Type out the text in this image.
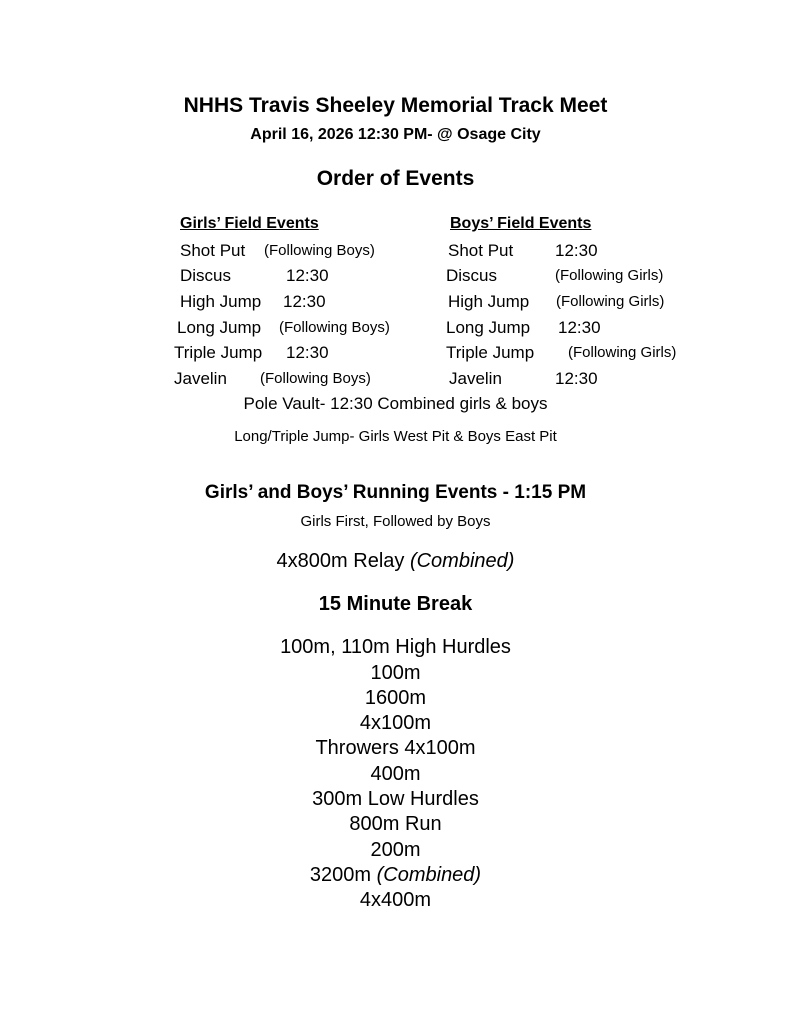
NHHS Travis Sheeley Memorial Track Meet
April 16, 2026 12:30 PM- @ Osage City
Order of Events
Girls’ Field Events
Shot Put (Following Boys)
Discus	12:30
High Jump 12:30
Long Jump (Following Boys)
Triple Jump 12:30
Javelin (Following Boys)
Boys’ Field Events
Shot Put 12:30
Discus	(Following Girls)
High Jump (Following Girls)
Long Jump 12:30
Triple Jump (Following Girls)
Javelin	12:30
Pole Vault- 12:30 Combined girls & boys
Long/Triple Jump- Girls West Pit & Boys East Pit
Girls’ and Boys’ Running Events - 1:15 PM
Girls First, Followed by Boys
4x800m Relay (Combined)
15 Minute Break
100m, 110m High Hurdles
100m
1600m
4x100m
Throwers 4x100m
400m
300m Low Hurdles
800m Run
200m
3200m (Combined)
4x400m
